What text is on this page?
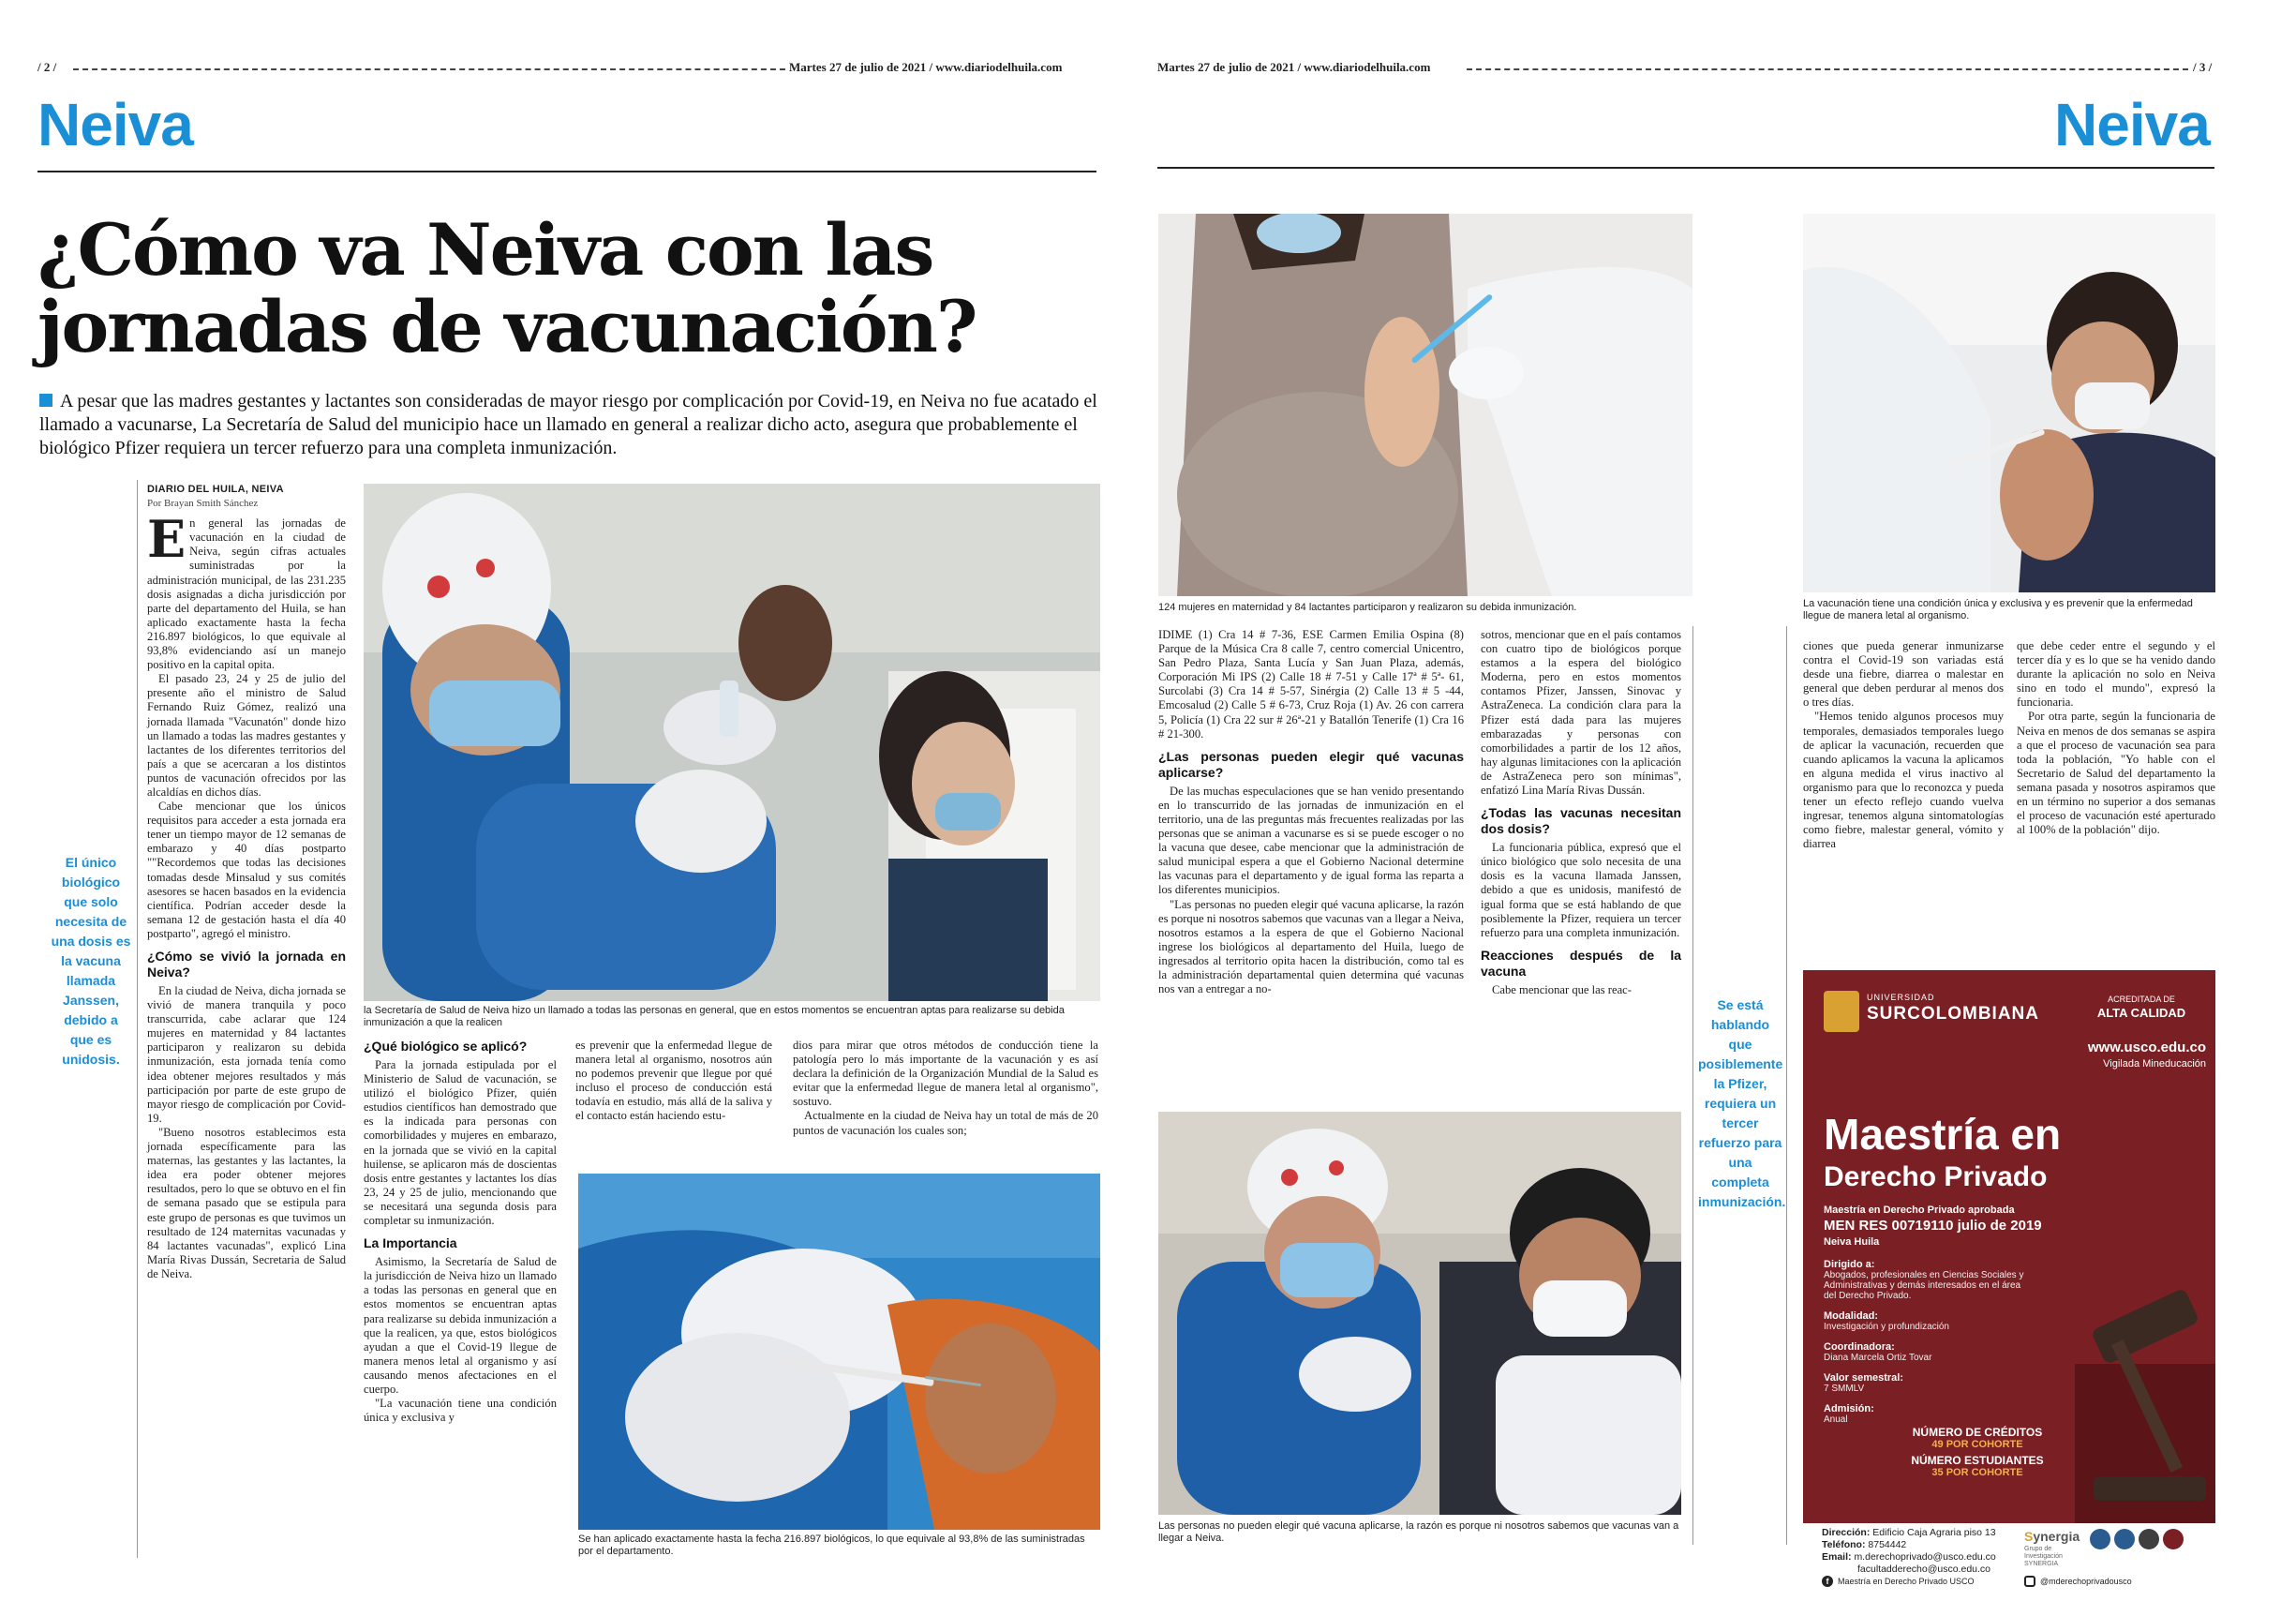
/ 2 /	Martes 27 de julio de 2021 / www.diariodelhuila.com
Neiva
Martes 27 de julio de 2021 / www.diariodelhuila.com	/ 3 /
Neiva
¿Cómo va Neiva con las
jornadas de vacunación?
A pesar que las madres gestantes y lactantes son consideradas de mayor riesgo por complicación por Covid-19, en Neiva no fue acatado el llamado a vacunarse, La Secretaría de Salud del municipio hace un llamado en general a realizar dicho acto, asegura que probablemente el biológico Pfizer requiera un tercer refuerzo para una completa inmunización.
El único biológico que solo necesita de una dosis es la vacuna llamada Janssen, debido a que es unidosis.
DIARIO DEL HUILA, NEIVA
Por Brayan Smith Sánchez

En general las jornadas de vacunación en la ciudad de Neiva, según cifras actuales suministradas por la administración municipal, de las 231.235 dosis asignadas a dicha jurisdicción por parte del departamento del Huila, se han aplicado exactamente hasta la fecha 216.897 biológicos, lo que equivale al 93,8% evidenciando así un manejo positivo en la capital opita.

El pasado 23, 24 y 25 de julio del presente año el ministro de Salud Fernando Ruiz Gómez, realizó una jornada llamada "Vacunatón" donde hizo un llamado a todas las madres gestantes y lactantes de los diferentes territorios del país a que se acercaran a los distintos puntos de vacunación ofrecidos por las alcaldías en dichos días.

Cabe mencionar que los únicos requisitos para acceder a esta jornada era tener un tiempo mayor de 12 semanas de embarazo y 40 días postparto ""Recordemos que todas las decisiones tomadas desde Minsalud y sus comités asesores se hacen basados en la evidencia científica. Podrían acceder desde la semana 12 de gestación hasta el día 40 postparto", agregó el ministro.

¿Cómo se vivió la jornada en Neiva?

En la ciudad de Neiva, dicha jornada se vivió de manera tranquila y poco transcurrida, cabe aclarar que 124 mujeres en maternidad y 84 lactantes participaron y realizaron su debida inmunización, esta jornada tenía como idea obtener mejores resultados y más participación por parte de este grupo de mayor riesgo de complicación por Covid-19.

"Bueno nosotros establecimos esta jornada específicamente para las maternas, las gestantes y las lactantes, la idea era poder obtener mejores resultados, pero lo que se obtuvo en el fin de semana pasado que se estipula para este grupo de personas es que tuvimos un resultado de 124 maternitas vacunadas y 84 lactantes vacunadas", explicó Lina María Rivas Dussán, Secretaria de Salud de Neiva.

la Secretaría de Salud de Neiva hizo un llamado a todas las personas en general, que en estos momentos se encuentran aptas para realizarse su debida inmunización a que la realicen
¿Qué biológico se aplicó?

Para la jornada estipulada por el Ministerio de Salud de vacunación, se utilizó el biológico Pfizer, quién estudios científicos han demostrado que es la indicada para personas con comorbilidades y mujeres en embarazo, en la jornada que se vivió en la capital huilense, se aplicaron más de doscientas dosis entre gestantes y lactantes los días 23, 24 y 25 de julio, mencionando que se necesitará una segunda dosis para completar su inmunización.

La Importancia

Asimismo, la Secretaría de Salud de la jurisdicción de Neiva hizo un llamado a todas las personas en general que en estos momentos se encuentran aptas para realizarse su debida inmunización a que la realicen, ya que, estos biológicos ayudan a que el Covid-19 llegue de manera menos letal al organismo y así causando menos afectaciones en el cuerpo.

"La vacunación tiene una condición única y exclusiva y

es prevenir que la enfermedad llegue de manera letal al organismo, nosotros aún no podemos prevenir que llegue por qué incluso el proceso de conducción está todavía en estudio, más allá de la saliva y el contacto están haciendo estu-

dios para mirar que otros métodos de conducción tiene la patología pero lo más importante de la vacunación y es así declara la definición de la Organización Mundial de la Salud es evitar que la enfermedad llegue de manera letal al organismo", sostuvo.

Actualmente en la ciudad de Neiva hay un total de más de 20 puntos de vacunación los cuales son;

Se han aplicado exactamente hasta la fecha 216.897 biológicos, lo que equivale al 93,8% de las suministradas por el departamento.
124 mujeres en maternidad y 84 lactantes participaron y realizaron su debida inmunización.

IDIME (1) Cra 14 # 7-36, ESE Carmen Emilia Ospina (8) Parque de la Música Cra 8 calle 7, centro comercial Unicentro, San Pedro Plaza, Santa Lucía y San Juan Plaza, además, Corporación Mi IPS (2) Calle 18 # 7-51 y Calle 17ª # 5ª- 61, Surcolabi (3) Cra 14 # 5-57, Sinérgia (2) Calle 13 # 5 -44, Emcosalud (2) Calle 5 # 6-73, Cruz Roja (1) Av. 26 con carrera 5, Policía (1) Cra 22 sur # 26ª-21 y Batallón Tenerife (1) Cra 16 # 21-300.

¿Las personas pueden elegir qué vacunas aplicarse?

De las muchas especulaciones que se han venido presentando en lo transcurrido de las jornadas de inmunización en el territorio, una de las preguntas más frecuentes realizadas por las personas que se animan a vacunarse es si se puede escoger o no la vacuna que desee, cabe mencionar que la administración de salud municipal espera a que el Gobierno Nacional determine las vacunas para el departamento y de igual forma las reparta a los diferentes municipios.

"Las personas no pueden elegir qué vacuna aplicarse, la razón es porque ni nosotros sabemos que vacunas van a llegar a Neiva, nosotros estamos a la espera de que el Gobierno Nacional ingrese los biológicos al departamento del Huila, luego de ingresados al territorio opita hacen la distribución, como tal es la administración departamental quien determina qué vacunas nos van a entregar a no-

sotros, mencionar que en el país contamos con cuatro tipo de biológicos porque estamos a la espera del biológico Moderna, pero en estos momentos contamos Pfizer, Janssen, Sinovac y AstraZeneca. La condición clara para la Pfizer está dada para las mujeres embarazadas y personas con comorbilidades a partir de los 12 años, hay algunas limitaciones con la aplicación de AstraZeneca pero son mínimas", enfatizó Lina María Rivas Dussán.

¿Todas las vacunas necesitan dos dosis?

La funcionaria pública, expresó que el único biológico que solo necesita de una dosis es la vacuna llamada Janssen, debido a que es unidosis, manifestó de igual forma que se está hablando de que posiblemente la Pfizer, requiera un tercer refuerzo para una completa inmunización.

Reacciones después de la vacuna

Cabe mencionar que las reac-

Las personas no pueden elegir qué vacuna aplicarse, la razón es porque ni nosotros sabemos que vacunas van a llegar a Neiva.
Se está hablando que posiblemente la Pfizer, requiera un tercer refuerzo para una completa inmunización.
La vacunación tiene una condición única y exclusiva y es prevenir que la enfermedad llegue de manera letal al organismo.

ciones que pueda generar inmunizarse contra el Covid-19 son variadas está desde una fiebre, diarrea o malestar en general que deben perdurar al menos dos o tres días.

"Hemos tenido algunos procesos muy temporales, demasiados temporales luego de aplicar la vacunación, recuerden que cuando aplicamos la vacuna la aplicamos en alguna medida el virus inactivo al organismo para que lo reconozca y pueda tener un efecto reflejo cuando vuelva ingresar, tenemos alguna sintomatologías como fiebre, malestar general, vómito y diarrea

que debe ceder entre el segundo y el tercer día y es lo que se ha venido dando durante la aplicación no solo en Neiva sino en todo el mundo", expresó la funcionaria.

Por otra parte, según la funcionaria de Neiva en menos de dos semanas se aspira a que el proceso de vacunación sea para toda la población, "Yo hable con el Secretario de Salud del departamento la semana pasada y nosotros aspiramos que en un término no superior a dos semanas el proceso de vacunación esté aperturado al 100% de la población" dijo.

UNIVERSIDAD
SURCOLOMBIANA
ACREDITADA DE
ALTA CALIDAD
www.usco.edu.co
Vigilada Mineducación
Maestría en
Derecho Privado
Maestría en Derecho Privado aprobada
MEN RES 00719110 julio de 2019
Neiva Huila
Dirigido a:
Abogados, profesionales en Ciencias Sociales y Administrativas y demás interesados en el área del Derecho Privado.
Modalidad:
Investigación y profundización
Coordinadora:
Diana Marcela Ortiz Tovar
Valor semestral:
7 SMMLV
Admisión:
Anual
NÚMERO DE CRÉDITOS
49 POR COHORTE
NÚMERO ESTUDIANTES
35 POR COHORTE
Dirección: Edificio Caja Agraria piso 13
Teléfono: 8754442
Email: m.derechoprivado@usco.edu.co
facultadderecho@usco.edu.co
Synergia
Grupo de Investigación SYNERGIA
f	Maestría en Derecho Privado USCO	@mderechoprivadousco
